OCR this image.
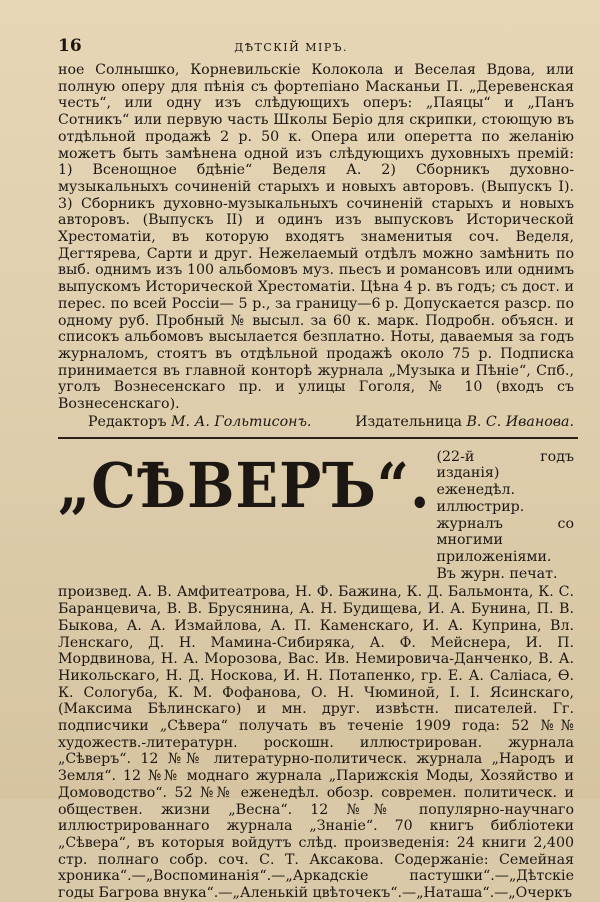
16	ДѢТСКІЙ МІРЪ.

ное Солнышко, Корневильскіе Колокола и Веселая Вдова, или полную оперу для пѣнія съ фортепіано Масканьи П. „Деревенская честь“, или одну изъ слѣдующихъ оперъ: „Паяцы“ и „Панъ Сотникъ“ или первую часть Школы Беріо для скрипки, стоющую въ отдѣльной продажѣ 2 р. 50 к. Опера или оперетта по желанію можетъ быть замѣнена одной изъ слѣдующихъ духовныхъ премій: 1) Всенощное бдѣніе“ Веделя А. 2) Сборникъ духовно-музыкальныхъ сочиненій старыхъ и новыхъ авторовъ. (Выпускъ I). 3) Сборникъ духовно-музыкальныхъ сочиненій старыхъ и новыхъ авторовъ. (Выпускъ II) и одинъ изъ выпусковъ Исторической Хрестоматіи, въ которую входятъ знаменитыя соч. Веделя, Дегтярева, Сарти и друг. Нежелаемый отдѣлъ можно замѣнить по выб. однимъ изъ 100 альбомовъ муз. пьесъ и романсовъ или однимъ выпускомъ Исторической Хрестоматіи. Цѣна 4 р. въ годъ; съ дост. и перес. по всей Россіи— 5 р., за границу—6 р. Допускается разср. по одному руб. Пробный № высыл. за 60 к. марк. Подробн. объясн. и списокъ альбомовъ высылается безплатно. Ноты, даваемыя за годъ журналомъ, стоятъ въ отдѣльной продажѣ около 75 р. Подписка принимается въ главной конторѣ журнала „Музыка и Пѣніе“, Спб., уголъ Вознесенскаго пр. и улицы Гоголя, № 10 (входъ съ Вознесенскаго).

Редакторъ М. А. Гольтисонъ.	Издательница В. С. Иванова.
„СѢВЕРЪ“. (22-й годъ изданія) еженедѣл. иллюстрир. журналъ со многими приложеніями. Въ журн. печат.
произвед. А. В. Амфитеатрова, Н. Ф. Бажина, К. Д. Бальмонта, К. С. Баранцевича, В. В. Брусянина, А. Н. Будищева, И. А. Бунина, П. В. Быкова, А. А. Измайлова, А. П. Каменскаго, И. А. Куприна, Вл. Ленскаго, Д. Н. Мамина-Сибиряка, А. Ф. Мейснера, И. П. Мордвинова, Н. А. Морозова, Вас. Ив. Немировича-Данченко, В. А. Никольскаго, Н. Д. Носкова, И. Н. Потапенко, гр. Е. А. Саліаса, Ѳ. К. Сологуба, К. М. Фофанова, О. Н. Чюминой, І. І. Ясинскаго, (Максима Бѣлинскаго) и мн. друг. извѣстн. писателей. Гг. подписчики „Сѣвера“ получать въ теченіе 1909 года: 52 №№ художеств.-литературн. роскошн. иллюстрирован. журнала „Сѣверъ“. 12 №№ литературно-политическ. журнала „Народъ и Земля“. 12 №№ моднаго журнала „Парижскія Моды, Хозяйство и Домоводство“. 52 №№ еженедѣл. обозр. современ. политическ. и обществен. жизни „Весна“. 12 №№ популярно-научнаго иллюстрированнаго журнала „Знаніе“. 70 книгъ библіотеки „Сѣвера“, въ которыя войдутъ слѣд. произведенія: 24 книги 2,400 стр. полнаго собр. соч. С. Т. Аксакова. Содержаніе: Семейная хроника“.—„Воспоминанія“.—„Аркадскіе пастушки“.—„Дѣтскіе годы Багрова внука“.—„Аленькій цвѣточекъ“.—„Наташа“.—„Очеркъ
